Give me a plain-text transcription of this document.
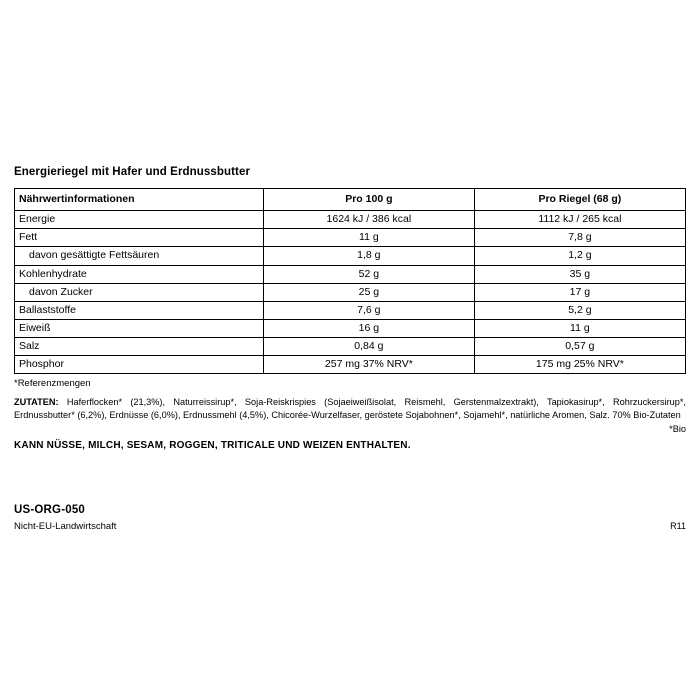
Energieriegel mit Hafer und Erdnussbutter
Nährwertinformationen	Pro 100 g	Pro Riegel (68 g)
Energie	1624 kJ / 386 kcal	1112 kJ / 265 kcal
Fett	11 g	7,8 g
davon gesättigte Fettsäuren	1,8 g	1,2 g
Kohlenhydrate	52 g	35 g
davon Zucker	25 g	17 g
Ballaststoffe	7,6 g	5,2 g
Eiweiß	16 g	11 g
Salz	0,84 g	0,57 g
Phosphor	257 mg 37% NRV*	175 mg 25% NRV*
*Referenzmengen
ZUTATEN: Haferflocken* (21,3%), Naturreissirup*, Soja-Reiskrispies (Sojaeiweißisolat, Reismehl, Gerstenmalzextrakt), Tapiokasirup*, Rohrzuckersirup*, Erdnussbutter* (6,2%), Erdnüsse (6,0%), Erdnussmehl (4,5%), Chicorée-Wurzelfaser, geröstete Sojabohnen*, Sojamehl*, natürliche Aromen, Salz. 70% Bio-Zutaten
*Bio
KANN NÜSSE, MILCH, SESAM, ROGGEN, TRITICALE UND WEIZEN ENTHALTEN.
US-ORG-050
Nicht-EU-Landwirtschaft	R11
